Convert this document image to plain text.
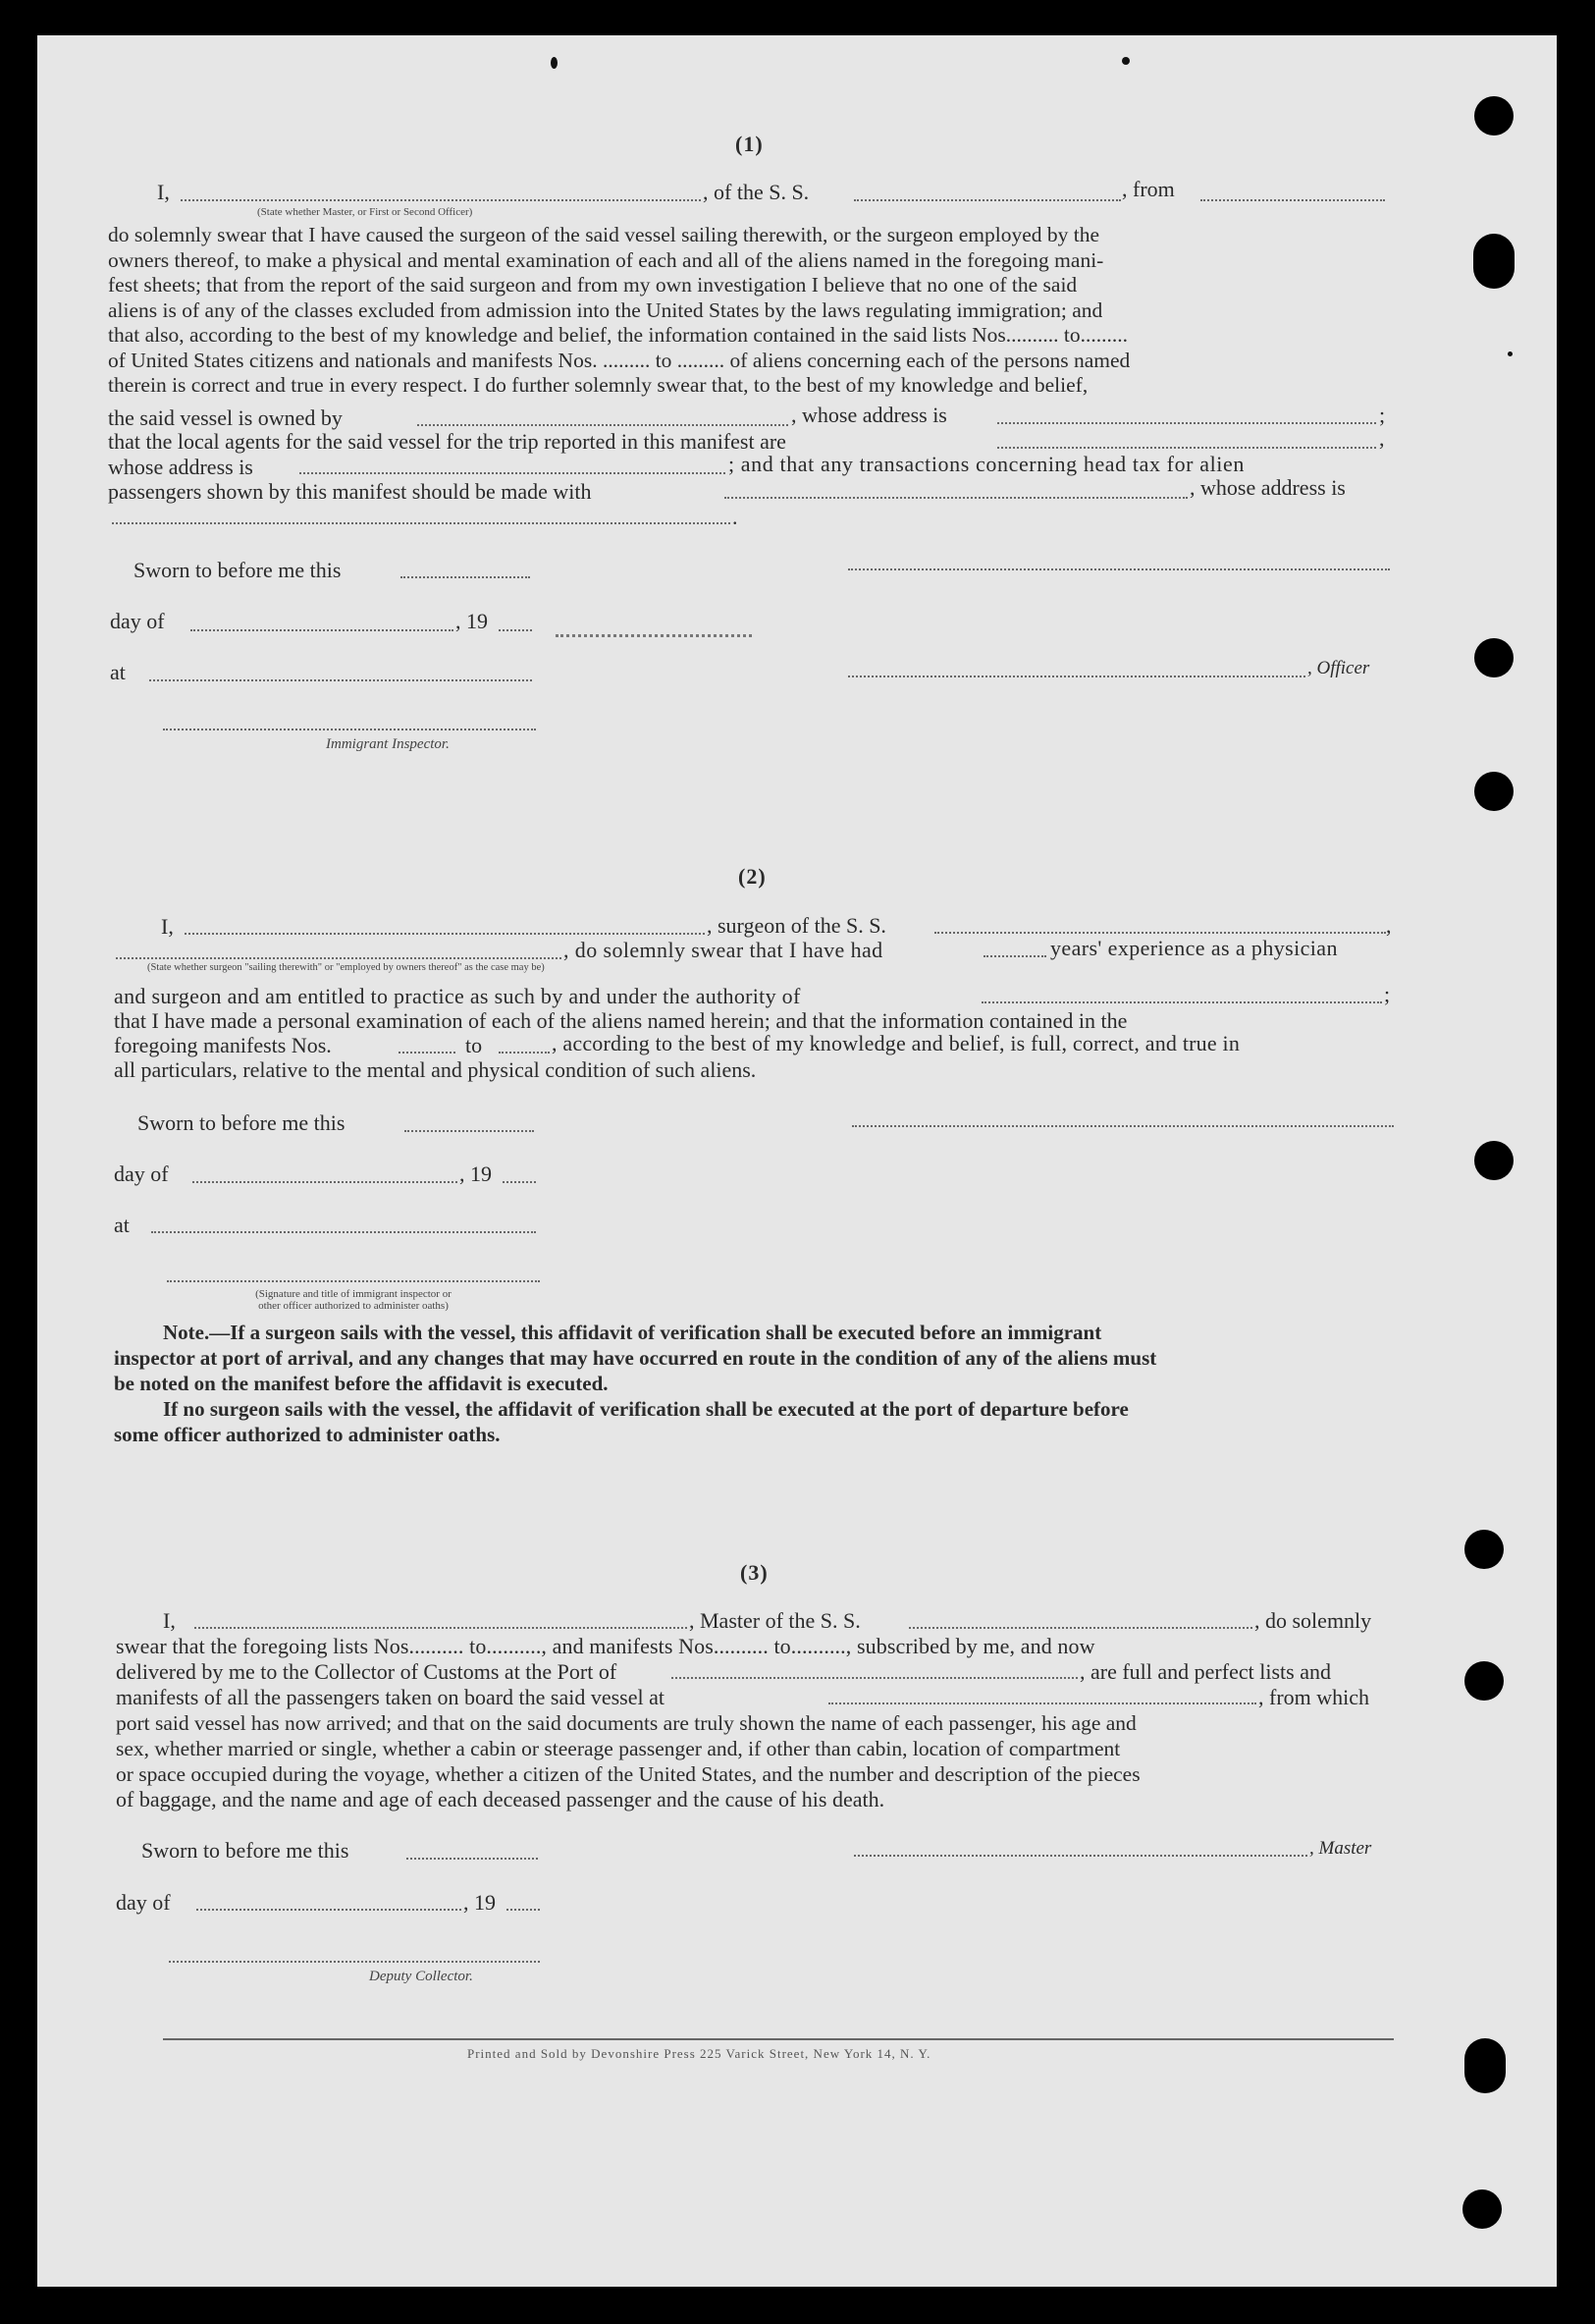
(1)
I,	, of the S. S.	, from
(State whether Master, or First or Second Officer)
do solemnly swear that I have caused the surgeon of the said vessel sailing therewith, or the surgeon employed by the
owners thereof, to make a physical and mental examination of each and all of the aliens named in the foregoing mani-
fest sheets; that from the report of the said surgeon and from my own investigation I believe that no one of the said
aliens is of any of the classes excluded from admission into the United States by the laws regulating immigration; and
that also, according to the best of my knowledge and belief, the information contained in the said lists Nos.......... to.........
of United States citizens and nationals and manifests Nos. ......... to ......... of aliens concerning each of the persons named
therein is correct and true in every respect. I do further solemnly swear that, to the best of my knowledge and belief,
the said vessel is owned by	, whose address is	;
that the local agents for the said vessel for the trip reported in this manifest are	,
whose address is	; and that any transactions concerning head tax for alien
passengers shown by this manifest should be made with	, whose address is
.
Sworn to before me this
day of	, 19
at	, Officer
Immigrant Inspector.
(2)
I,	, surgeon of the S. S.	,
, do solemnly swear that I have had	years' experience as a physician
(State whether surgeon "sailing therewith" or "employed by owners thereof" as the case may be)
and surgeon and am entitled to practice as such by and under the authority of	;
that I have made a personal examination of each of the aliens named herein; and that the information contained in the
foregoing manifests Nos.	to	, according to the best of my knowledge and belief, is full, correct, and true in
all particulars, relative to the mental and physical condition of such aliens.
Sworn to before me this
day of	, 19
at
(Signature and title of immigrant inspector or
other officer authorized to administer oaths)
Note.—If a surgeon sails with the vessel, this affidavit of verification shall be executed before an immigrant
inspector at port of arrival, and any changes that may have occurred en route in the condition of any of the aliens must
be noted on the manifest before the affidavit is executed.
If no surgeon sails with the vessel, the affidavit of verification shall be executed at the port of departure before
some officer authorized to administer oaths.
(3)
I,	, Master of the S. S.	, do solemnly
swear that the foregoing lists Nos.......... to.........., and manifests Nos.......... to.........., subscribed by me, and now
delivered by me to the Collector of Customs at the Port of	, are full and perfect lists and
manifests of all the passengers taken on board the said vessel at	, from which
port said vessel has now arrived; and that on the said documents are truly shown the name of each passenger, his age and
sex, whether married or single, whether a cabin or steerage passenger and, if other than cabin, location of compartment
or space occupied during the voyage, whether a citizen of the United States, and the number and description of the pieces
of baggage, and the name and age of each deceased passenger and the cause of his death.
Sworn to before me this	, Master
day of	, 19
Deputy Collector.
Printed and Sold by Devonshire Press 225 Varick Street, New York 14, N. Y.
